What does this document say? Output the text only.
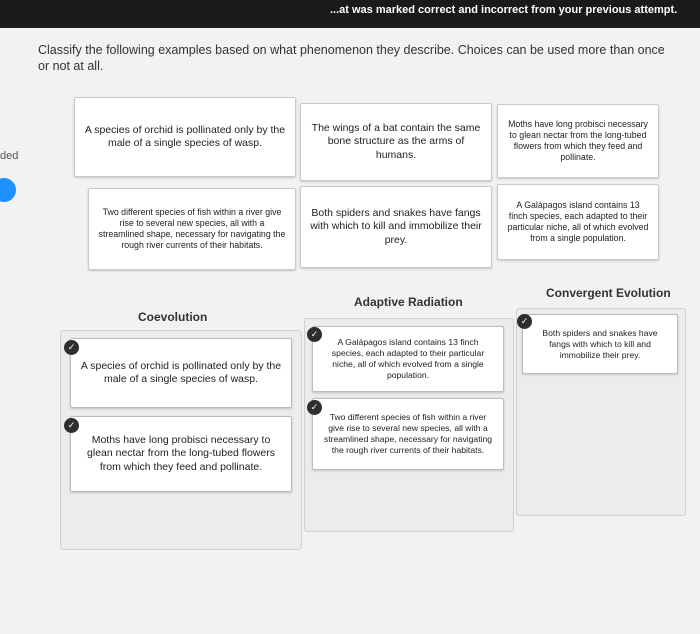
...at was marked correct and incorrect from your previous attempt.
ded
Classify the following examples based on what phenomenon they describe. Choices can be used more than once or not at all.
A species of orchid is pollinated only by the male of a single species of wasp.
The wings of a bat contain the same bone structure as the arms of humans.
Moths have long probisci necessary to glean nectar from the long-tubed flowers from which they feed and pollinate.
Two different species of fish within a river give rise to several new species, all with a streamlined shape, necessary for navigating the rough river currents of their habitats.
Both spiders and snakes have fangs with which to kill and immobilize their prey.
A Galápagos island contains 13 finch species, each adapted to their particular niche, all of which evolved from a single population.
Coevolution
Adaptive Radiation
Convergent Evolution
A species of orchid is pollinated only by the male of a single species of wasp.
✓
Moths have long probisci necessary to glean nectar from the long-tubed flowers from which they feed and pollinate.
✓
A Galápagos island contains 13 finch species, each adapted to their particular niche, all of which evolved from a single population.
✓
Two different species of fish within a river give rise to several new species, all with a streamlined shape, necessary for navigating the rough river currents of their habitats.
✓
Both spiders and snakes have fangs with which to kill and immobilize their prey.
✓
